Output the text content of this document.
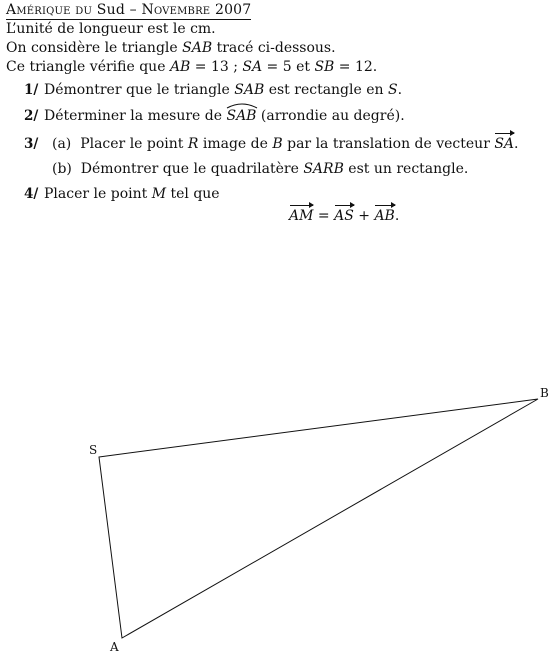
Amérique du Sud – Novembre 2007
L’unité de longueur est le cm.
On considère le triangle SAB tracé ci-dessous.
Ce triangle vérifie que AB = 13 ; SA = 5 et SB = 12.
1/ Démontrer que le triangle SAB est rectangle en S.
2/ Déterminer la mesure de
SAB (arrondie au degré).
3/ (a) Placer le point R image de B par la translation de vecteur SA.
(b) Démontrer que le quadrilatère SARB est un rectangle.
4/ Placer le point M tel que
AM = AS + AB.
S
A
B
